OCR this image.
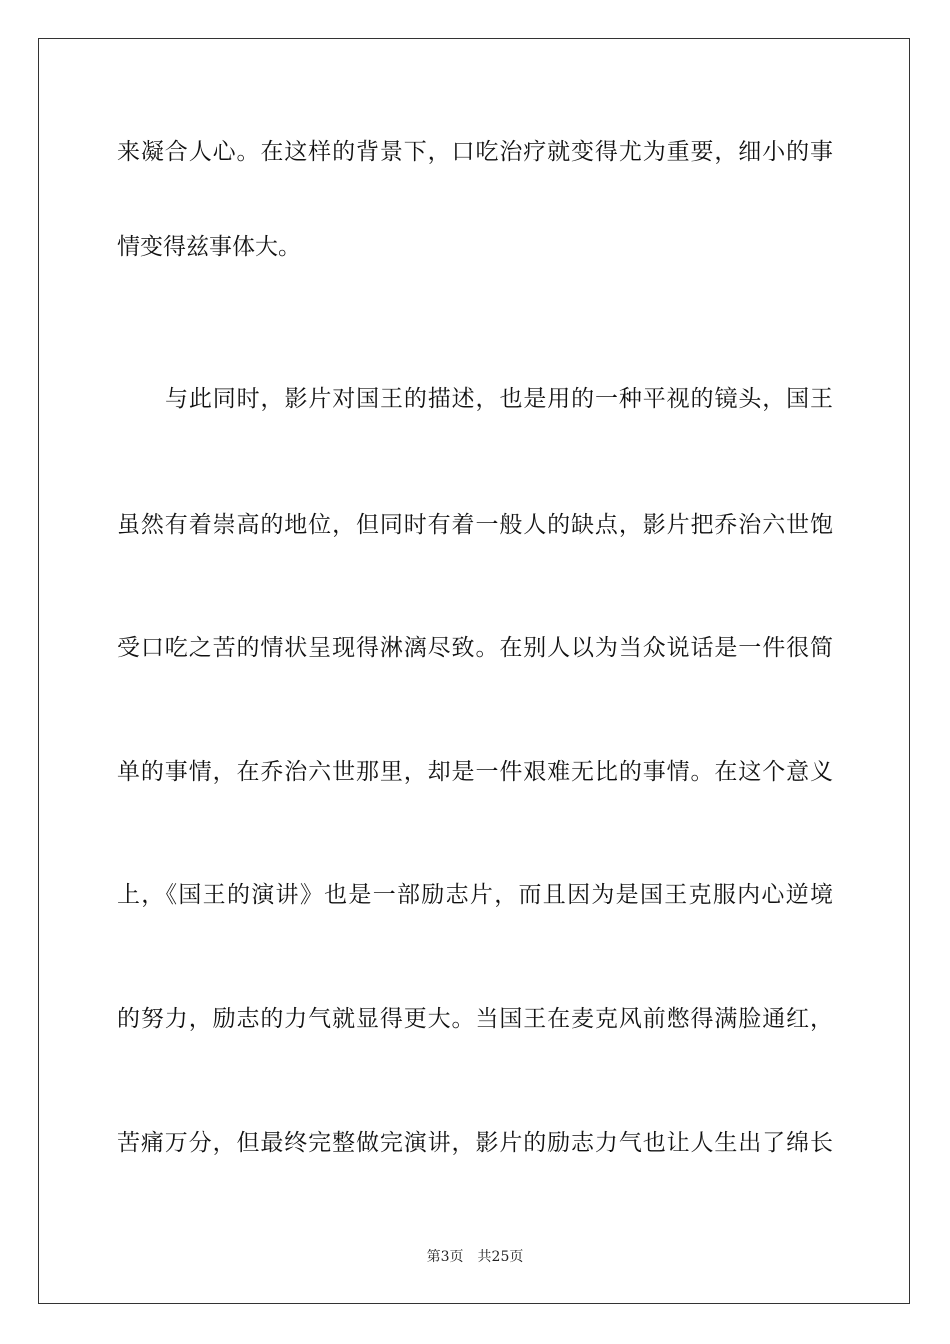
来凝合人心。在这样的背景下，口吃治疗就变得尤为重要，细小的事
情变得兹事体大。
与此同时，影片对国王的描述，也是用的一种平视的镜头，国王
虽然有着崇高的地位，但同时有着一般人的缺点，影片把乔治六世饱
受口吃之苦的情状呈现得淋漓尽致。在别人以为当众说话是一件很简
单的事情，在乔治六世那里，却是一件艰难无比的事情。在这个意义
上，《国王的演讲》也是一部励志片，而且因为是国王克服内心逆境
的努力，励志的力气就显得更大。当国王在麦克风前憋得满脸通红，
苦痛万分，但最终完整做完演讲，影片的励志力气也让人生出了绵长
第3页 共25页
